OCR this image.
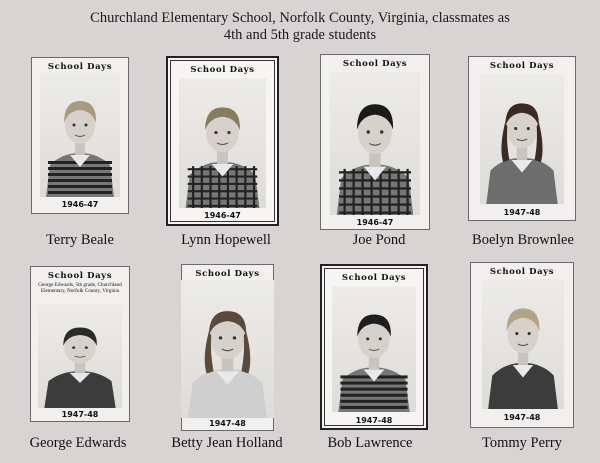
Churchland Elementary School, Norfolk County, Virginia, classmates as
4th and 5th grade students
School Days
1946-47
School Days
1946-47
School Days
1946-47
School Days
1947-48
School Days
George Edwards, 5th grade, Churchland Elementary, Norfolk County, Virginia
1947-48
School Days
1947-48
School Days
1947-48
School Days
1947-48
Terry Beale	Lynn Hopewell	Joe Pond	Boelyn Brownlee
George Edwards	Betty Jean Holland	Bob Lawrence	Tommy Perry
